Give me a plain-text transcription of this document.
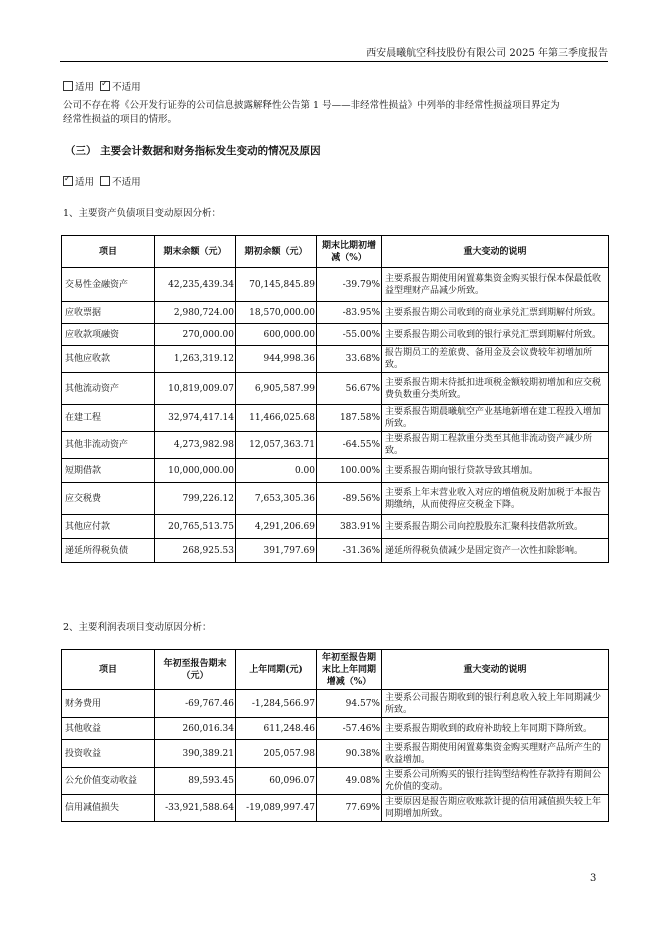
西安晨曦航空科技股份有限公司 2025 年第三季度报告
适用 ✓ 不适用
公司不存在将《公开发行证券的公司信息披露解释性公告第 1 号——非经常性损益》中列举的非经常性损益项目界定为
经常性损益的项目的情形。
（三） 主要会计数据和财务指标发生变动的情况及原因
✓适用 不适用
1、主要资产负债项目变动原因分析：
项目	期末余额（元）	期初余额（元）	期末比期初增减（%）	重大变动的说明
交易性金融资产	42,235,439.34	70,145,845.89	-39.79%	主要系报告期使用闲置募集资金购买银行保本保最低收益型理财产品减少所致。
应收票据	2,980,724.00	18,570,000.00	-83.95%	主要系报告期公司收到的商业承兑汇票到期解付所致。
应收款项融资	270,000.00	600,000.00	-55.00%	主要系报告期公司收到的银行承兑汇票到期解付所致。
其他应收款	1,263,319.12	944,998.36	33.68%	报告期员工的差旅费、备用金及会议费较年初增加所致。
其他流动资产	10,819,009.07	6,905,587.99	56.67%	主要系报告期末待抵扣进项税金额较期初增加和应交税费负数重分类所致。
在建工程	32,974,417.14	11,466,025.68	187.58%	主要系报告期晨曦航空产业基地新增在建工程投入增加所致。
其他非流动资产	4,273,982.98	12,057,363.71	-64.55%	主要系报告期工程款重分类至其他非流动资产减少所致。
短期借款	10,000,000.00	0.00	100.00%	主要系报告期向银行贷款导致其增加。
应交税费	799,226.12	7,653,305.36	-89.56%	主要系上年末营业收入对应的增值税及附加税于本报告期缴纳，从而使得应交税金下降。
其他应付款	20,765,513.75	4,291,206.69	383.91%	主要系报告期公司向控股股东汇聚科技借款所致。
递延所得税负债	268,925.53	391,797.69	-31.36%	递延所得税负债减少是固定资产一次性扣除影响。
2、主要利润表项目变动原因分析：
项目	年初至报告期末（元）	上年同期(元)	年初至报告期末比上年同期增减（%）	重大变动的说明
财务费用	-69,767.46	-1,284,566.97	94.57%	主要系公司报告期收到的银行利息收入较上年同期减少所致。
其他收益	260,016.34	611,248.46	-57.46%	主要系报告期收到的政府补助较上年同期下降所致。
投资收益	390,389.21	205,057.98	90.38%	主要系报告期使用闲置募集资金购买理财产品所产生的收益增加。
公允价值变动收益	89,593.45	60,096.07	49.08%	主要系公司所购买的银行挂钩型结构性存款持有期间公允价值的变动。
信用减值损失	-33,921,588.64	-19,089,997.47	77.69%	主要原因是报告期应收账款计提的信用减值损失较上年同期增加所致。
3
